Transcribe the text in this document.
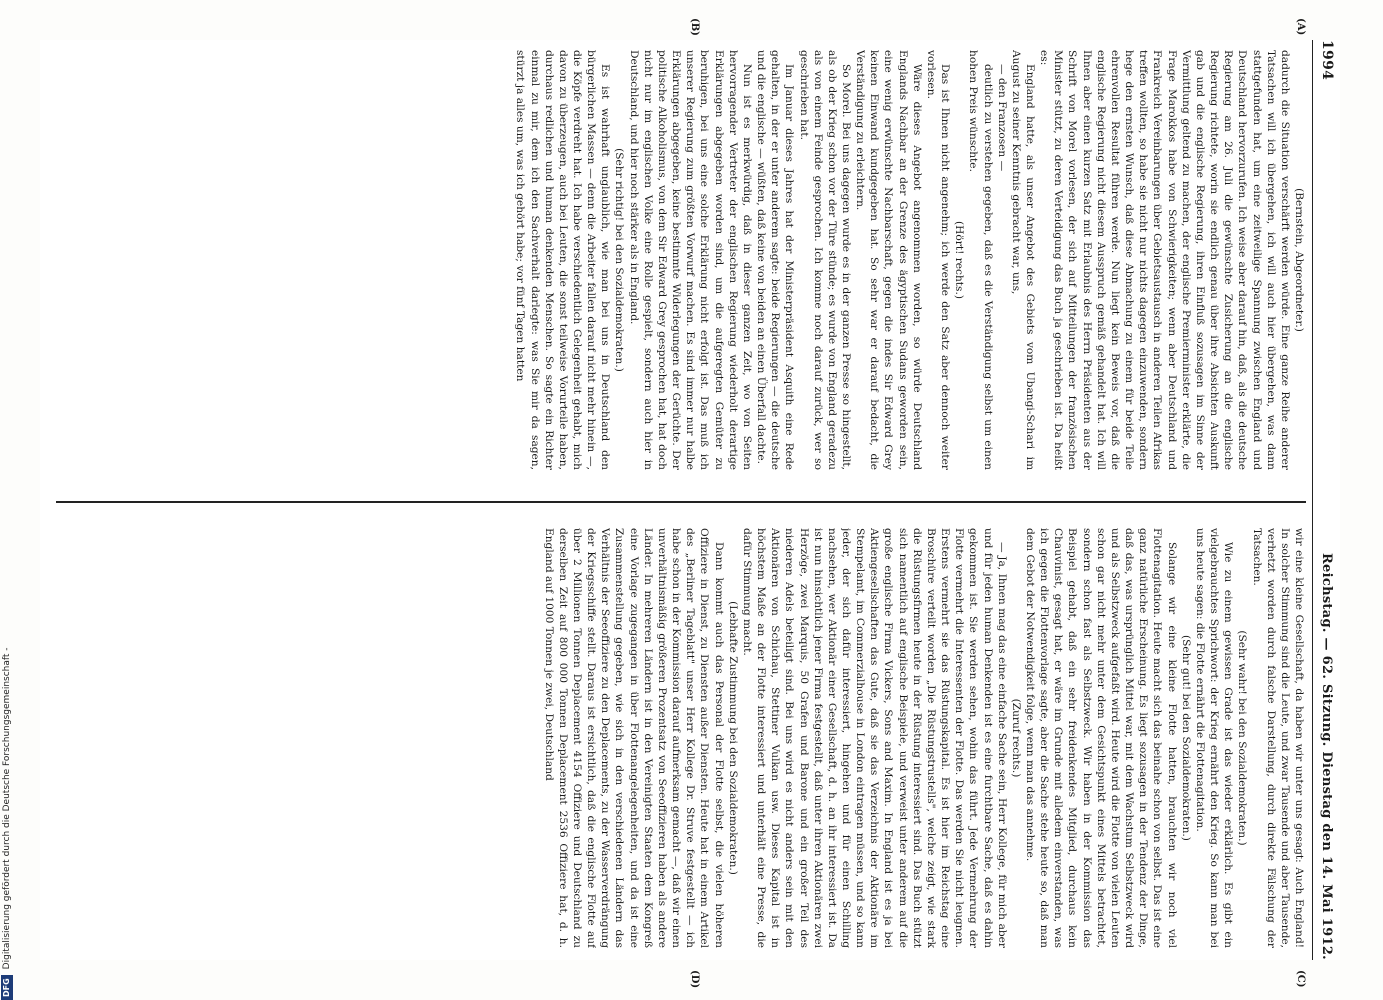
1994
Reichstag. — 62. Sitzung. Dienstag den 14. Mai 1912.
(A)
(B)
(C)
(D)

(Bernstein, Abgeordneter.)

dadurch die Situation verschärft werden würde. Eine ganze Reihe anderer Tatsachen will ich übergehen, ich will auch hier übergehen, was dann stattgefunden hat, um eine zeitweilige Spannung zwischen England und Deutschland hervorzurufen. Ich weise aber darauf hin, daß, als die deutsche Regierung am 26. Juli die gewünschte Zusicherung an die englische Regierung richtete, worin sie endlich genau über ihre Absichten Auskunft gab und die englische Regierung, ihren Einfluß sozusagen im Sinne der Vermittlung geltend zu machen, der englische Premierminister erklärte, die Frage Marokkos habe von Schwierigkeiten; wenn aber Deutschland und Frankreich Vereinbarungen über Gebietsaustausch in anderen Teilen Afrikas treffen wollten, so habe sie nicht nur nichts dagegen einzuwenden, sondern hege den ernsten Wunsch, daß diese Abmachung zu einem für beide Teile ehrenvollen Resultat führen werde. Nun liegt kein Beweis vor, daß die englische Regierung nicht diesem Ausspruch gemäß gehandelt hat. Ich will Ihnen aber einen kurzen Satz mit Erlaubnis des Herrn Präsidenten aus der Schrift von Morel vorlesen, der sich auf Mitteilungen der französischen Minister stützt, zu deren Verteidigung das Buch ja geschrieben ist. Da heißt es:

England hatte, als unser Angebot des Gebiets vom Ubangi-Schari im August zu seiner Kenntnis gebracht war, uns,

— den Franzosen —

deutlich zu verstehen gegeben, daß es die Verständigung selbst um einen hohen Preis wünschte.

(Hört! rechts.)

Das ist Ihnen nicht angenehm; ich werde den Satz aber dennoch weiter vorlesen.

Wäre dieses Angebot angenommen worden, so würde Deutschland Englands Nachbar an der Grenze des ägyptischen Sudans geworden sein, eine wenig erwünschte Nachbarschaft, gegen die indes Sir Edward Grey keinen Einwand kundgegeben hat. So sehr war er darauf bedacht, die Verständigung zu erleichtern.

So Morel. Bei uns dagegen wurde es in der ganzen Presse so hingestellt, als ob der Krieg schon vor der Türe stünde; es wurde von England geradezu als von einem Feinde gesprochen. Ich komme noch darauf zurück, wer so geschrieben hat.

Im Januar dieses Jahres hat der Ministerpräsident Asquith eine Rede gehalten, in der er unter anderem sagte: beide Regierungen — die deutsche und die englische — wüßten, daß keine von beiden an einen Überfall dachte.

Nun ist es merkwürdig, daß in dieser ganzen Zeit, wo von Seiten hervorragender Vertreter der englischen Regierung wiederholt derartige Erklärungen abgegeben worden sind, um die aufgeregten Gemüter zu beruhigen, bei uns eine solche Erklärung nicht erfolgt ist. Das muß ich unserer Regierung zum größten Vorwurf machen. Es sind immer nur halbe Erklärungen abgegeben, keine bestimmte Widerlegungen der Gerüchte. Der politische Alkoholismus, von dem Sir Edward Grey gesprochen hat, hat doch nicht nur im englischen Volke eine Rolle gespielt, sondern auch hier in Deutschland, und hier noch stärker als in England.

(Sehr richtig! bei den Sozialdemokraten.)

Es ist wahrhaft unglaublich, wie man bei uns in Deutschland den bürgerlichen Massen — denn die Arbeiter fallen darauf nicht mehr hinein —, die Köpfe verdreht hat. Ich habe verschiedentlich Gelegenheit gehabt, mich davon zu überzeugen, auch bei Leuten, die sonst teilweise Vorurteile haben, durchaus redlichen und human denkenden Menschen. So sagte ein Richter einmal zu mir, dem ich den Sachverhalt darlegte: was Sie mir da sagen, stürzt ja alles um, was ich gehört habe; vor fünf Tagen hatten

wir eine kleine Gesellschaft, da haben wir unter uns gesagt: Auch England! In solcher Stimmung sind die Leute, und zwar Tausende und aber Tausende, verhetzt worden durch falsche Darstellung, durch direkte Fälschung der Tatsachen.

(Sehr wahr! bei den Sozialdemokraten.)

Wie zu einem gewissen Grade ist das wieder erklärlich. Es gibt ein vielgebrauchtes Sprichwort: der Krieg ernährt den Krieg. So kann man bei uns heute sagen: die Flotte ernährt die Flottenagitation.

(Sehr gut! bei den Sozialdemokraten.)

Solange wir eine kleine Flotte hatten, brauchten wir noch viel Flottenagitation. Heute macht sich das beinahe schon von selbst. Das ist eine ganz natürliche Erscheinung. Es liegt sozusagen in der Tendenz der Dinge, daß das, was ursprünglich Mittel war, mit dem Wachstum Selbstzweck wird und als Selbstzweck aufgefaßt wird. Heute wird die Flotte von vielen Leuten schon gar nicht mehr unter dem Gesichtspunkt eines Mittels betrachtet, sondern schon fast als Selbstzweck. Wir haben in der Kommission das Beispiel gehabt, daß ein sehr freidenkendes Mitglied, durchaus kein Chauvinist, gesagt hat, er wäre im Grunde mit alledem einverstanden, was ich gegen die Flottenvorlage sagte, aber die Sache stehe heute so, daß man dem Gebot der Notwendigkeit folge, wenn man das annehme.

(Zuruf rechts.)

— Ja, Ihnen mag das eine einfache Sache sein, Herr Kollege, für mich aber und für jeden human Denkenden ist es eine furchtbare Sache, daß es dahin gekommen ist. Sie werden sehen, wohin das führt. Jede Vermehrung der Flotte vermehrt die Interessenten der Flotte. Das werden Sie nicht leugnen. Erstens vermehrt sie das Rüstungskapital. Es ist hier im Reichstag eine Broschüre verteilt worden „Die Rüstungstrustells", welche zeigt, wie stark die Rüstungsfirmen heute in der Rüstung interessiert sind. Das Buch stützt sich namentlich auf englische Beispiele, und verweist unter anderem auf die große englische Firma Vickers, Sons and Maxim. In England ist es ja bei Aktiengesellschaften das Gute, daß sie das Verzeichnis der Aktionäre im Stempelamt, im Commerzialhouse in London eintragen müssen, und so kann jeder, der sich dafür interessiert, hingehen und für einen Schilling nachsehen, wer Aktionär einer Gesellschaft, d. h. an ihr interessiert ist. Da ist nun hinsichtlich jener Firma festgestellt, daß unter ihren Aktionären zwei Herzöge, zwei Marquis, 50 Grafen und Barone und ein großer Teil des niederen Adels beteiligt sind. Bei uns wird es nicht anders sein mit den Aktionären von Schichau, Stettiner Vulkan usw. Dieses Kapital ist in höchstem Maße an der Flotte interessiert und unterhält eine Presse, die dafür Stimmung macht.

(Lebhafte Zustimmung bei den Sozialdemokraten.)

Dann kommt auch das Personal der Flotte selbst, die vielen höheren Offiziere in Dienst, zu Diensten außer Diensten. Heute hat in einem Artikel des „Berliner Tageblatt" unser Herr Kollege Dr. Struve festgestellt — ich habe schon in der Kommission darauf aufmerksam gemacht —, daß wir einen unverhältnismäßig größeren Prozentsatz von Seeoffizieren haben als andere Länder. In mehreren Ländern ist in den Vereinigten Staaten dem Kongreß eine Vorlage zugegangen in über Flottenangelegenheiten, und da ist eine Zusammenstellung gegeben, wie sich in den verschiedenen Ländern das Verhältnis der Seeoffiziere zu den Deplacements, zu der Wasserverdrängung der Kriegsschiffe stellt. Daraus ist ersichtlich, daß die englische Flotte auf über 2 Millionen Tonnen Deplacement 4154 Offiziere und Deutschland zu derselben Zeit auf 800 000 Tonnen Deplacement 2536 Offiziere hat, d. h. England auf 1000 Tonnen je zwei, Deutschland

DFG
Digitalisierung gefördert durch die Deutsche Forschungsgemeinschaft -
